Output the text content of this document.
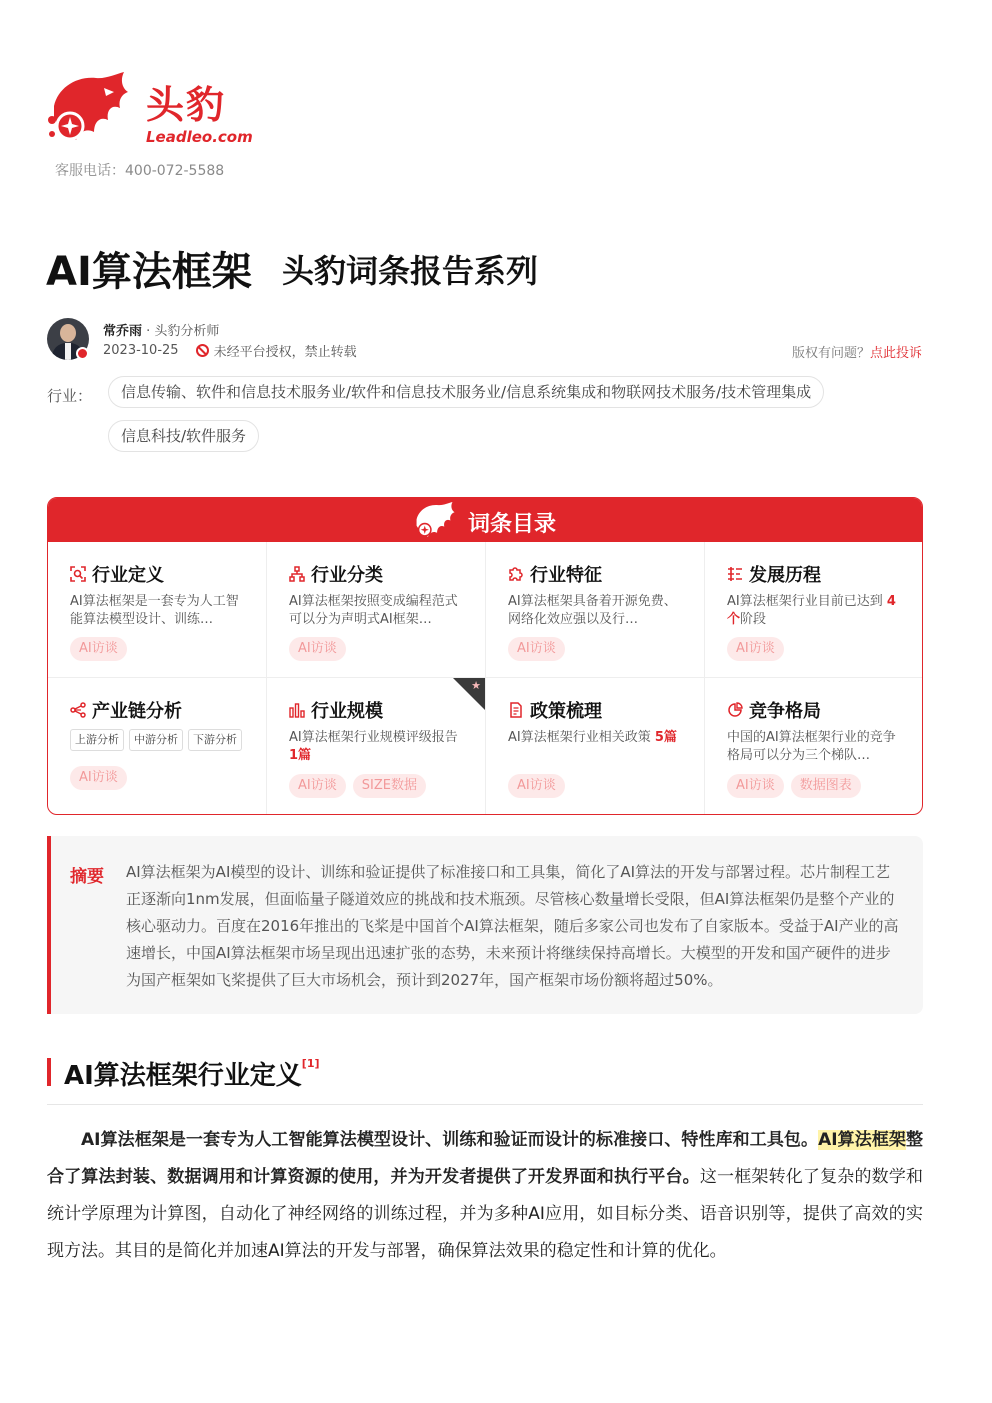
头豹
Leadleo.com
客服电话：400-072-5588
AI算法框架 头豹词条报告系列
常乔雨 · 头豹分析师
2023-10-25	未经平台授权，禁止转载	版权有问题？点此投诉
行业：	信息传输、软件和信息技术服务业/软件和信息技术服务业/信息系统集成和物联网技术服务/技术管理集成
信息科技/软件服务
词条目录
行业定义
AI算法框架是一套专为人工智能算法模型设计、训练…
AI访谈
行业分类
AI算法框架按照变成编程范式可以分为声明式AI框架…
AI访谈
行业特征
AI算法框架具备着开源免费、网络化效应强以及行…
AI访谈
发展历程
AI算法框架行业目前已达到 4个阶段
AI访谈
产业链分析
上游分析	中游分析	下游分析
AI访谈
★
行业规模
AI算法框架行业规模评级报告 1篇
AI访谈 SIZE数据
政策梳理
AI算法框架行业相关政策 5篇
AI访谈
竞争格局
中国的AI算法框架行业的竞争格局可以分为三个梯队…
AI访谈 数据图表
摘要 AI算法框架为AI模型的设计、训练和验证提供了标准接口和工具集，简化了AI算法的开发与部署过程。芯片制程工艺正逐渐向1nm发展，但面临量子隧道效应的挑战和技术瓶颈。尽管核心数量增长受限，但AI算法框架仍是整个产业的核心驱动力。百度在2016年推出的飞桨是中国首个AI算法框架，随后多家公司也发布了自家版本。受益于AI产业的高速增长，中国AI算法框架市场呈现出迅速扩张的态势，未来预计将继续保持高增长。大模型的开发和国产硬件的进步为国产框架如飞桨提供了巨大市场机会，预计到2027年，国产框架市场份额将超过50%。
AI算法框架行业定义[1]
AI算法框架是一套专为人工智能算法模型设计、训练和验证而设计的标准接口、特性库和工具包。AI算法框架整合了算法封装、数据调用和计算资源的使用，并为开发者提供了开发界面和执行平台。这一框架转化了复杂的数学和统计学原理为计算图，自动化了神经网络的训练过程，并为多种AI应用，如目标分类、语音识别等，提供了高效的实现方法。其目的是简化并加速AI算法的开发与部署，确保算法效果的稳定性和计算的优化。
